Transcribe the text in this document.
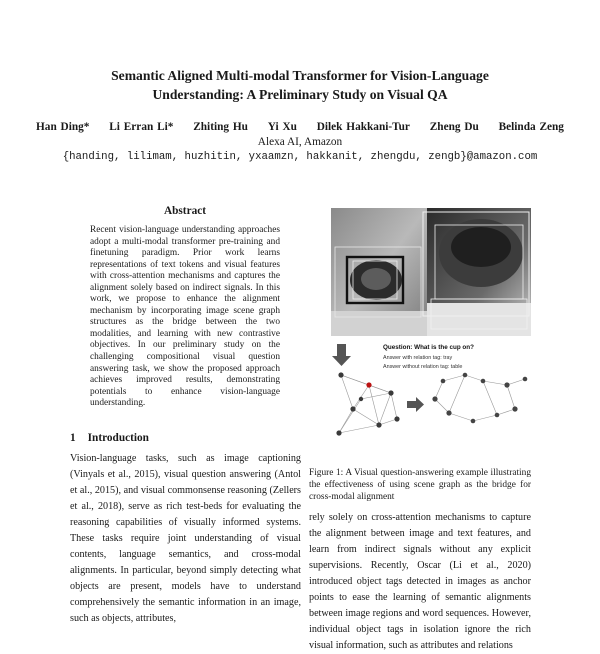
Semantic Aligned Multi-modal Transformer for Vision-Language
Understanding: A Preliminary Study on Visual QA
Han Ding* Li Erran Li* Zhiting Hu Yi Xu Dilek Hakkani-Tur Zheng Du Belinda Zeng
Alexa AI, Amazon
{handing, lilimam, huzhitin, yxaamzn, hakkanit, zhengdu, zengb}@amazon.com
Abstract
Recent vision-language understanding approaches adopt a multi-modal transformer pre-training and finetuning paradigm. Prior work learns representations of text tokens and visual features with cross-attention mechanisms and captures the alignment solely based on indirect signals. In this work, we propose to enhance the alignment mechanism by incorporating image scene graph structures as the bridge between the two modalities, and learning with new contrastive objectives. In our preliminary study on the challenging compositional visual question answering task, we show the proposed approach achieves improved results, demonstrating potentials to enhance vision-language understanding.
1 Introduction
Vision-language tasks, such as image captioning (Vinyals et al., 2015), visual question answering (Antol et al., 2015), and visual commonsense reasoning (Zellers et al., 2018), serve as rich test-beds for evaluating the reasoning capabilities of visually informed systems. These tasks require joint understanding of visual contents, language semantics, and cross-modal alignments. In particular, beyond simply detecting what objects are present, models have to understand comprehensively the semantic information in an image, such as objects, attributes,
Question: What is the cup on?
Answer with relation tag: tray
Answer without relation tag: table
Figure 1: A Visual question-answering example illustrating the effectiveness of using scene graph as the bridge for cross-modal alignment
rely solely on cross-attention mechanisms to capture the alignment between image and text features, and learn from indirect signals without any explicit supervisions. Recently, Oscar (Li et al., 2020) introduced object tags detected in images as anchor points to ease the learning of semantic alignments between image regions and word sequences. However, individual object tags in isolation ignore the rich visual information, such as attributes and relations
